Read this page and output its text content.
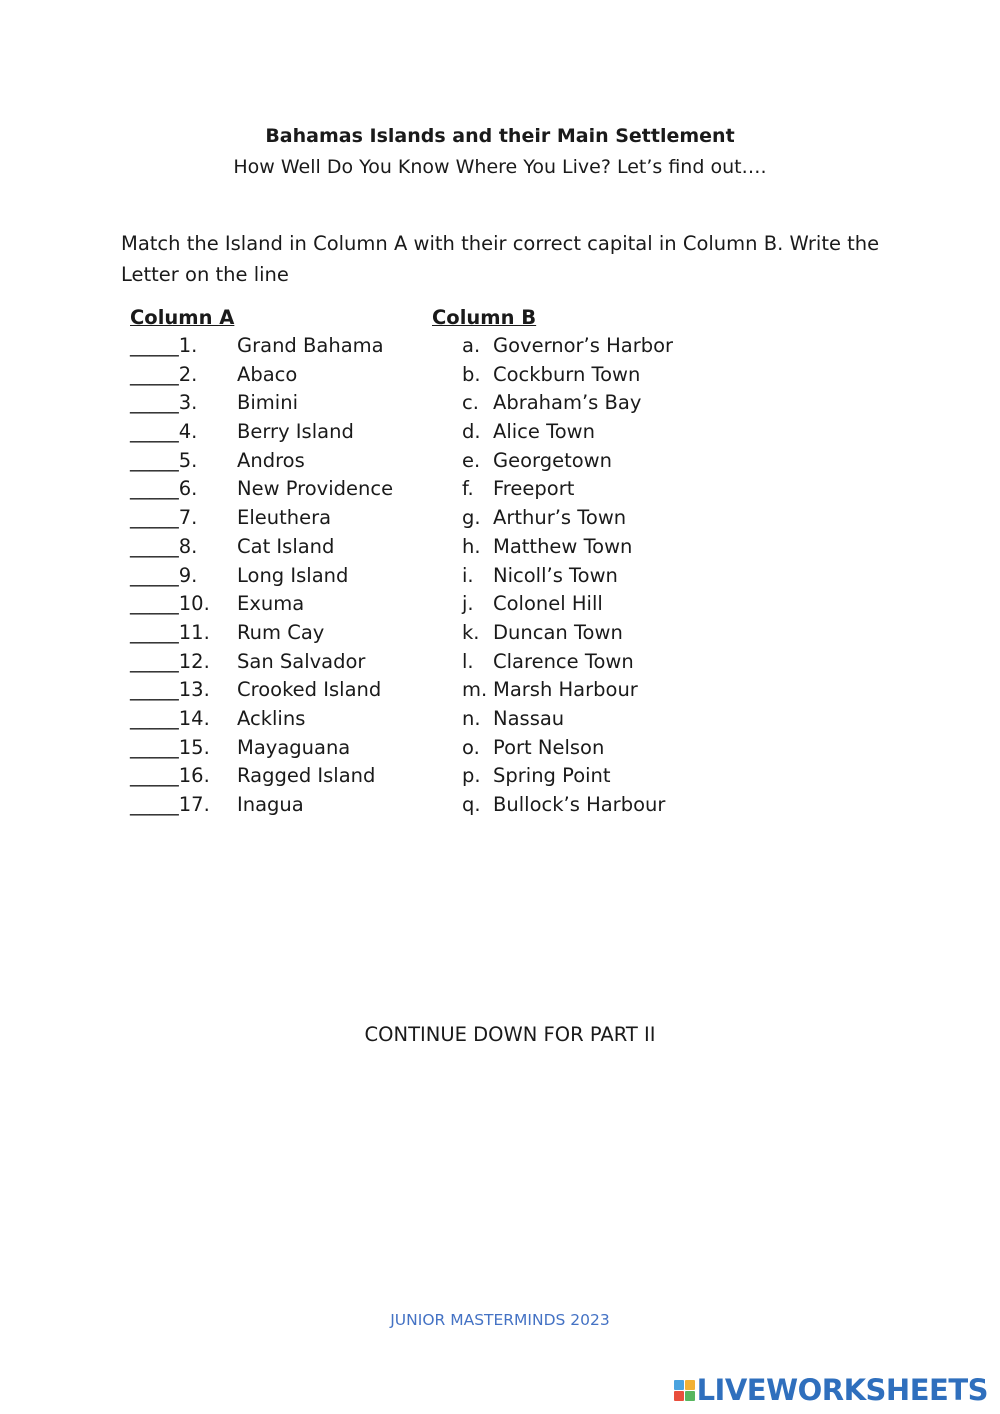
Bahamas Islands and their Main Settlement
How Well Do You Know Where You Live? Let’s find out….
Match the Island in Column A with their correct capital in Column B. Write the Letter on the line
Column A	Column B
_____1. Grand Bahama
_____2. Abaco
_____3. Bimini
_____4. Berry Island
_____5. Andros
_____6. New Providence
_____7. Eleuthera
_____8. Cat Island
_____9. Long Island
_____10. Exuma
_____11. Rum Cay
_____12. San Salvador
_____13. Crooked Island
_____14. Acklins
_____15. Mayaguana
_____16. Ragged Island
_____17. Inagua
a. Governor’s Harbor
b. Cockburn Town
c. Abraham’s Bay
d. Alice Town
e. Georgetown
f. Freeport
g. Arthur’s Town
h. Matthew Town
i. Nicoll’s Town
j. Colonel Hill
k. Duncan Town
l. Clarence Town
m. Marsh Harbour
n. Nassau
o. Port Nelson
p. Spring Point
q. Bullock’s Harbour
CONTINUE DOWN FOR PART II
JUNIOR MASTERMINDS 2023
LIVEWORKSHEETS
